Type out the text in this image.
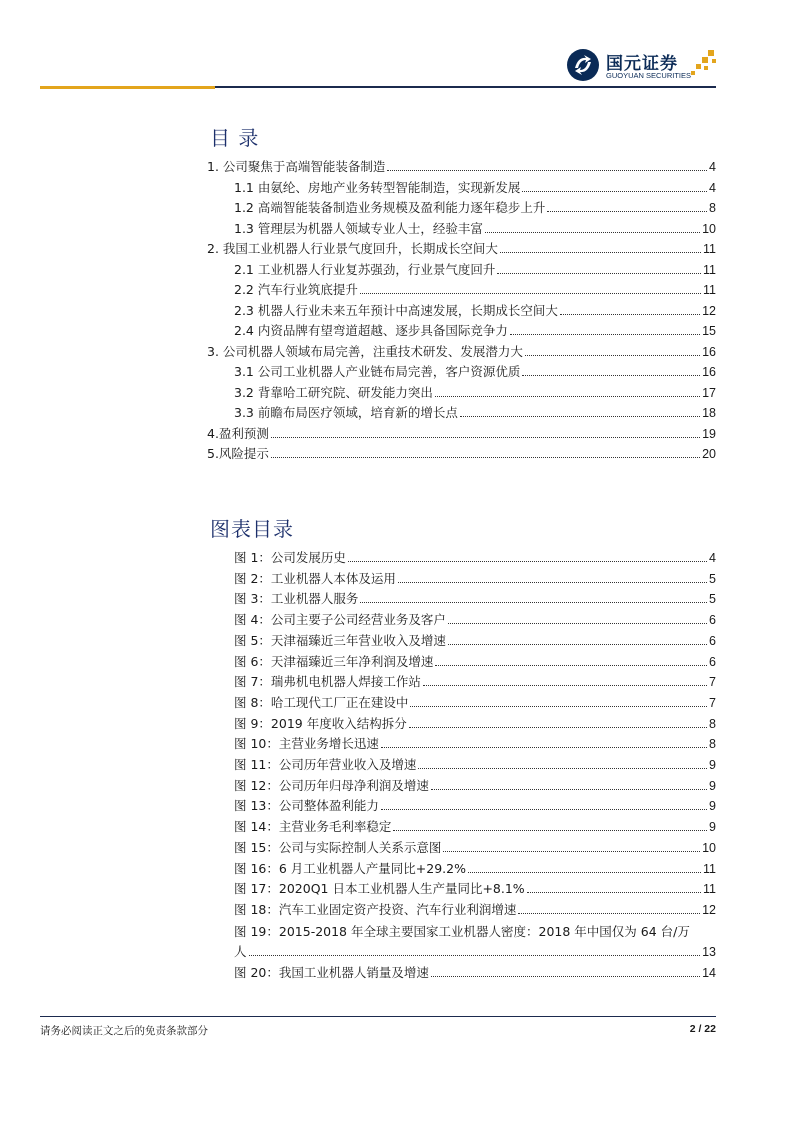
国元证券
GUOYUAN SECURITIES
目 录
1. 公司聚焦于高端智能装备制造	4
1.1 由氨纶、房地产业务转型智能制造，实现新发展	4
1.2 高端智能装备制造业务规模及盈利能力逐年稳步上升	8
1.3 管理层为机器人领域专业人士，经验丰富	10
2. 我国工业机器人行业景气度回升，长期成长空间大	11
2.1 工业机器人行业复苏强劲，行业景气度回升	11
2.2 汽车行业筑底提升	11
2.3 机器人行业未来五年预计中高速发展，长期成长空间大	12
2.4 内资品牌有望弯道超越、逐步具备国际竞争力	15
3. 公司机器人领域布局完善，注重技术研发、发展潜力大	16
3.1 公司工业机器人产业链布局完善，客户资源优质	16
3.2 背靠哈工研究院、研发能力突出	17
3.3 前瞻布局医疗领域，培育新的增长点	18
4.盈利预测	19
5.风险提示	20
图表目录
图 1：公司发展历史	4
图 2：工业机器人本体及运用	5
图 3：工业机器人服务	5
图 4：公司主要子公司经营业务及客户	6
图 5：天津福臻近三年营业收入及增速	6
图 6：天津福臻近三年净利润及增速	6
图 7：瑞弗机电机器人焊接工作站	7
图 8：哈工现代工厂正在建设中	7
图 9：2019 年度收入结构拆分	8
图 10：主营业务增长迅速	8
图 11：公司历年营业收入及增速	9
图 12：公司历年归母净利润及增速	9
图 13：公司整体盈利能力	9
图 14：主营业务毛利率稳定	9
图 15：公司与实际控制人关系示意图	10
图 16：6 月工业机器人产量同比+29.2%	11
图 17：2020Q1 日本工业机器人生产量同比+8.1%	11
图 18：汽车工业固定资产投资、汽车行业利润增速	12
图 19：2015-2018 年全球主要国家工业机器人密度：2018 年中国仅为 64 台/万
人	13
图 20：我国工业机器人销量及增速	14
请务必阅读正文之后的免责条款部分	2 / 22
